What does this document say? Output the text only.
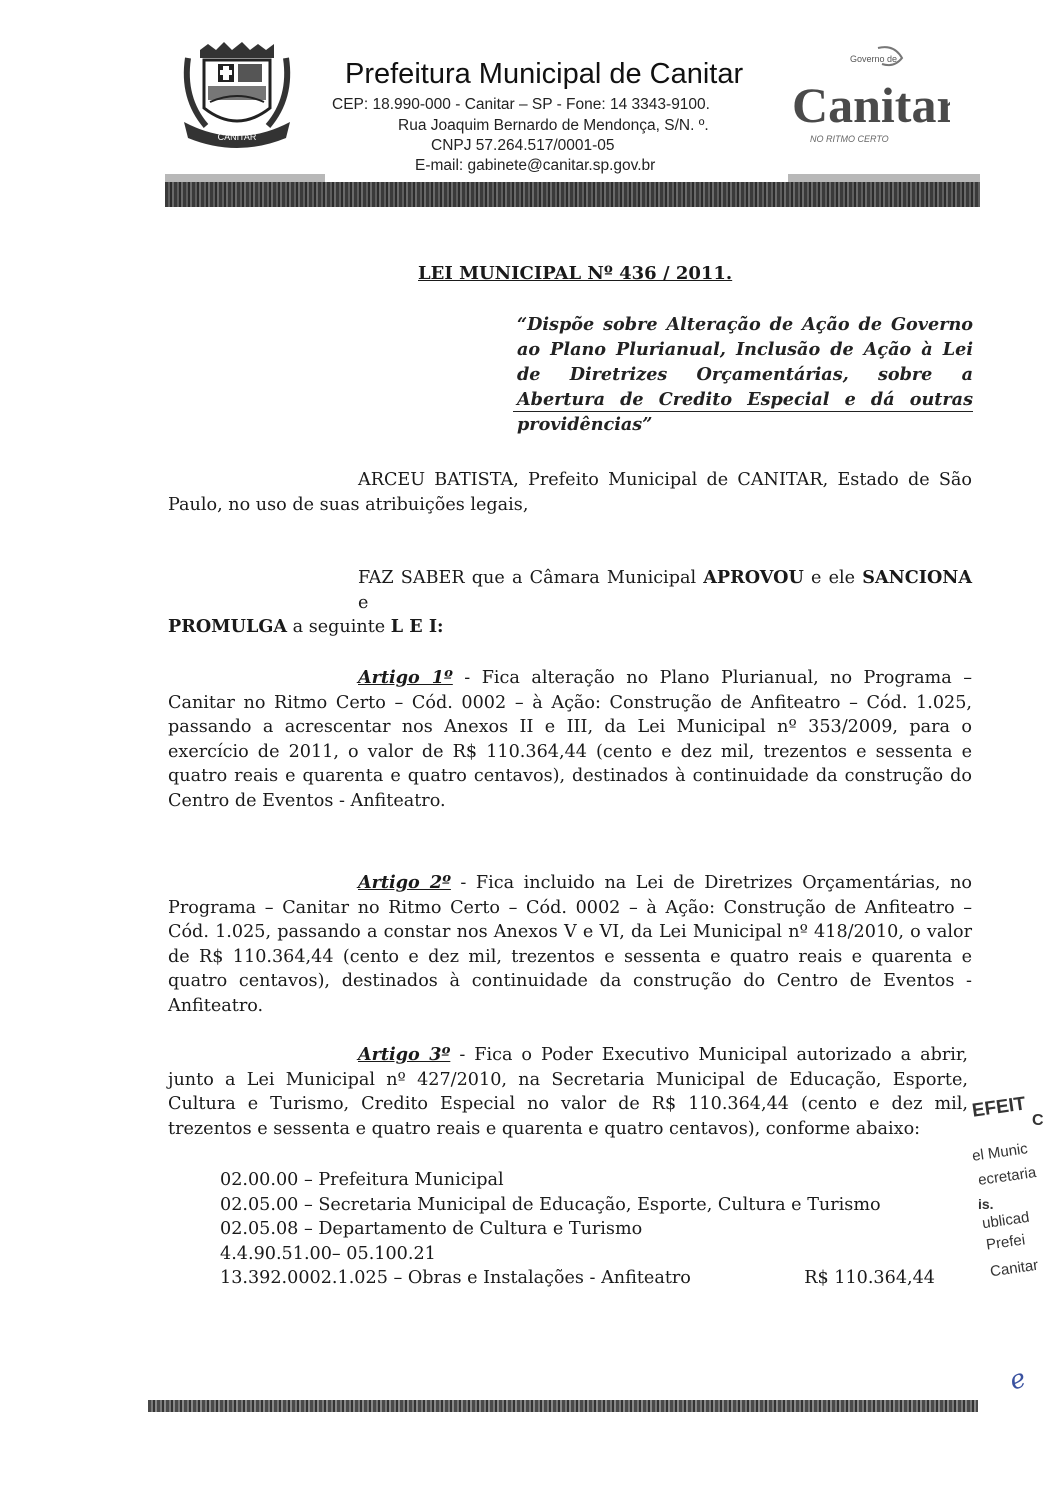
CANITAR
Prefeitura Municipal de Canitar
CEP: 18.990-000 - Canitar – SP - Fone: 14 3343-9100.
Rua Joaquim Bernardo de Mendonça, S/N. º.
CNPJ 57.264.517/0001-05
E-mail: gabinete@canitar.sp.gov.br
Governo de
Canitar
NO RITMO CERTO
LEI MUNICIPAL Nº 436 / 2011.
“Dispõe sobre Alteração de Ação de Governo ao Plano Plurianual, Inclusão de Ação à Lei de Diretrizes Orçamentárias, sobre a Abertura de Credito Especial e dá outras providências”
ARCEU BATISTA, Prefeito Municipal de CANITAR, Estado de São
Paulo, no uso de suas atribuições legais,
FAZ SABER que a Câmara Municipal APROVOU e ele SANCIONA e
PROMULGA a seguinte L E I:
Artigo 1º - Fica alteração no Plano Plurianual, no Programa –
Canitar no Ritmo Certo – Cód. 0002 – à Ação: Construção de Anfiteatro – Cód. 1.025,
passando a acrescentar nos Anexos II e III, da Lei Municipal nº 353/2009, para o
exercício de 2011, o valor de R$ 110.364,44 (cento e dez mil, trezentos e sessenta e
quatro reais e quarenta e quatro centavos), destinados à continuidade da construção do
Centro de Eventos - Anfiteatro.
Artigo 2º - Fica incluido na Lei de Diretrizes Orçamentárias, no
Programa – Canitar no Ritmo Certo – Cód. 0002 – à Ação: Construção de Anfiteatro –
Cód. 1.025, passando a constar nos Anexos V e VI, da Lei Municipal nº 418/2010, o valor
de R$ 110.364,44 (cento e dez mil, trezentos e sessenta e quatro reais e quarenta e
quatro centavos), destinados à continuidade da construção do Centro de Eventos -
Anfiteatro.
Artigo 3º - Fica o Poder Executivo Municipal autorizado a abrir,
junto a Lei Municipal nº 427/2010, na Secretaria Municipal de Educação, Esporte,
Cultura e Turismo, Credito Especial no valor de R$ 110.364,44 (cento e dez mil,
trezentos e sessenta e quatro reais e quarenta e quatro centavos), conforme abaixo:
02.00.00 – Prefeitura Municipal
02.05.00 – Secretaria Municipal de Educação, Esporte, Cultura e Turismo
02.05.08 – Departamento de Cultura e Turismo
4.4.90.51.00– 05.100.21
13.392.0002.1.025 – Obras e Instalações - Anfiteatro	R$ 110.364,44
EFEIT C
el Munic
ecretaria
is.
ublicad
Prefei
Canitar
e
